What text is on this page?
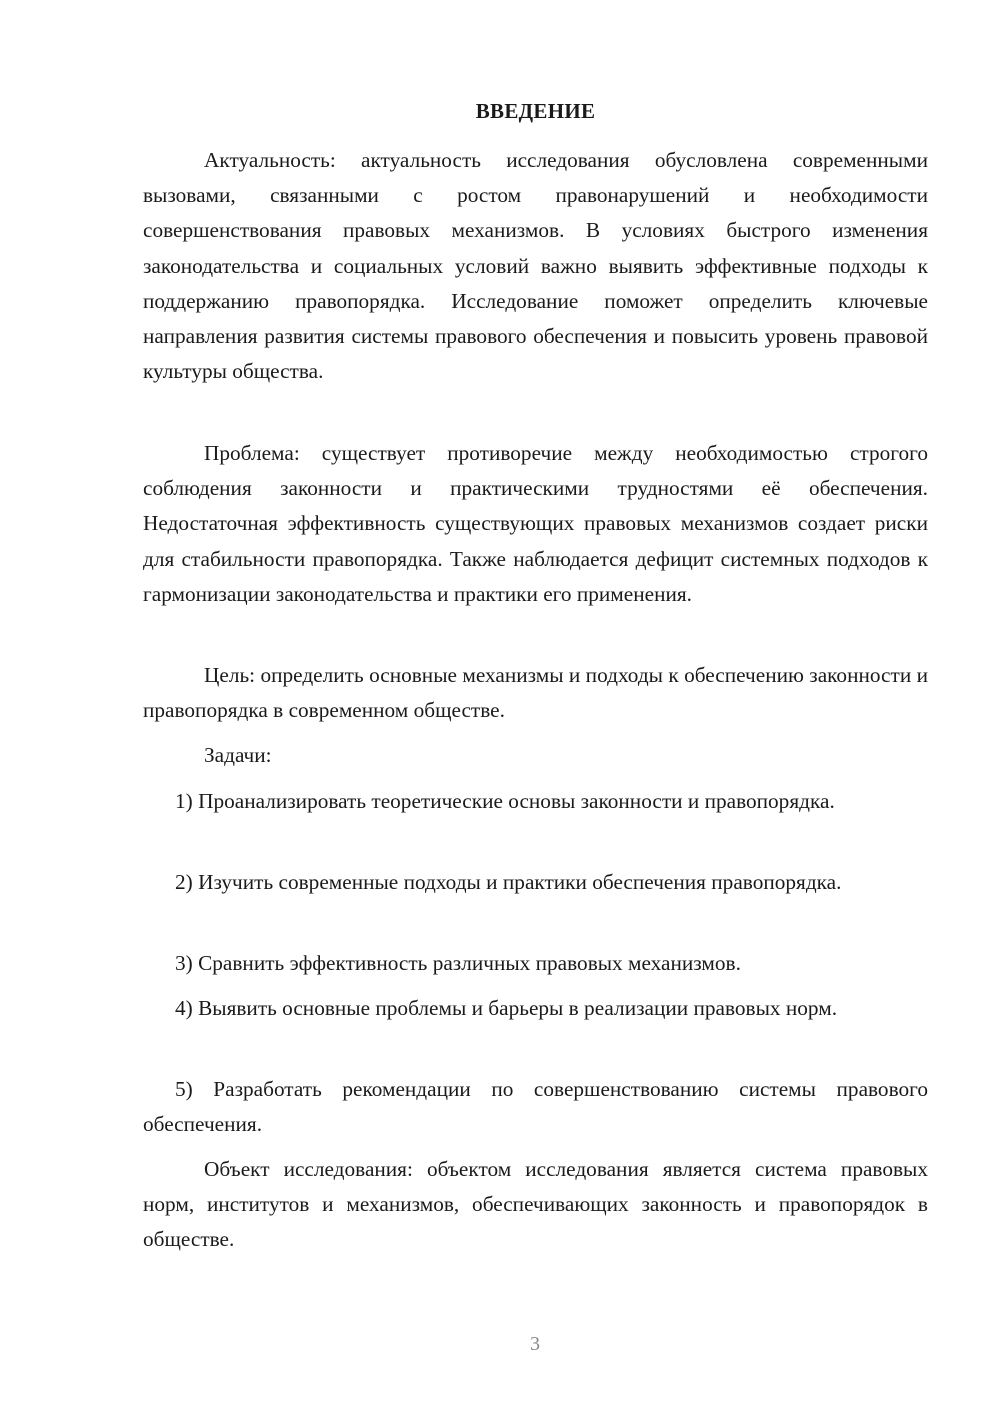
ВВЕДЕНИЕ

Актуальность: актуальность исследования обусловлена современными вызовами, связанными с ростом правонарушений и необходимости совершенствования правовых механизмов. В условиях быстрого изменения законодательства и социальных условий важно выявить эффективные подходы к поддержанию правопорядка. Исследование поможет определить ключевые направления развития системы правового обеспечения и повысить уровень правовой культуры общества.

Проблема: существует противоречие между необходимостью строгого соблюдения законности и практическими трудностями её обеспечения. Недостаточная эффективность существующих правовых механизмов создает риски для стабильности правопорядка. Также наблюдается дефицит системных подходов к гармонизации законодательства и практики его применения.

Цель: определить основные механизмы и подходы к обеспечению законности и правопорядка в современном обществе.

Задачи:

1) Проанализировать теоретические основы законности и правопорядка.

2) Изучить современные подходы и практики обеспечения правопорядка.

3) Сравнить эффективность различных правовых механизмов.

4) Выявить основные проблемы и барьеры в реализации правовых норм.

5) Разработать рекомендации по совершенствованию системы правового обеспечения.

Объект исследования: объектом исследования является система правовых норм, институтов и механизмов, обеспечивающих законность и правопорядок в обществе.

3
